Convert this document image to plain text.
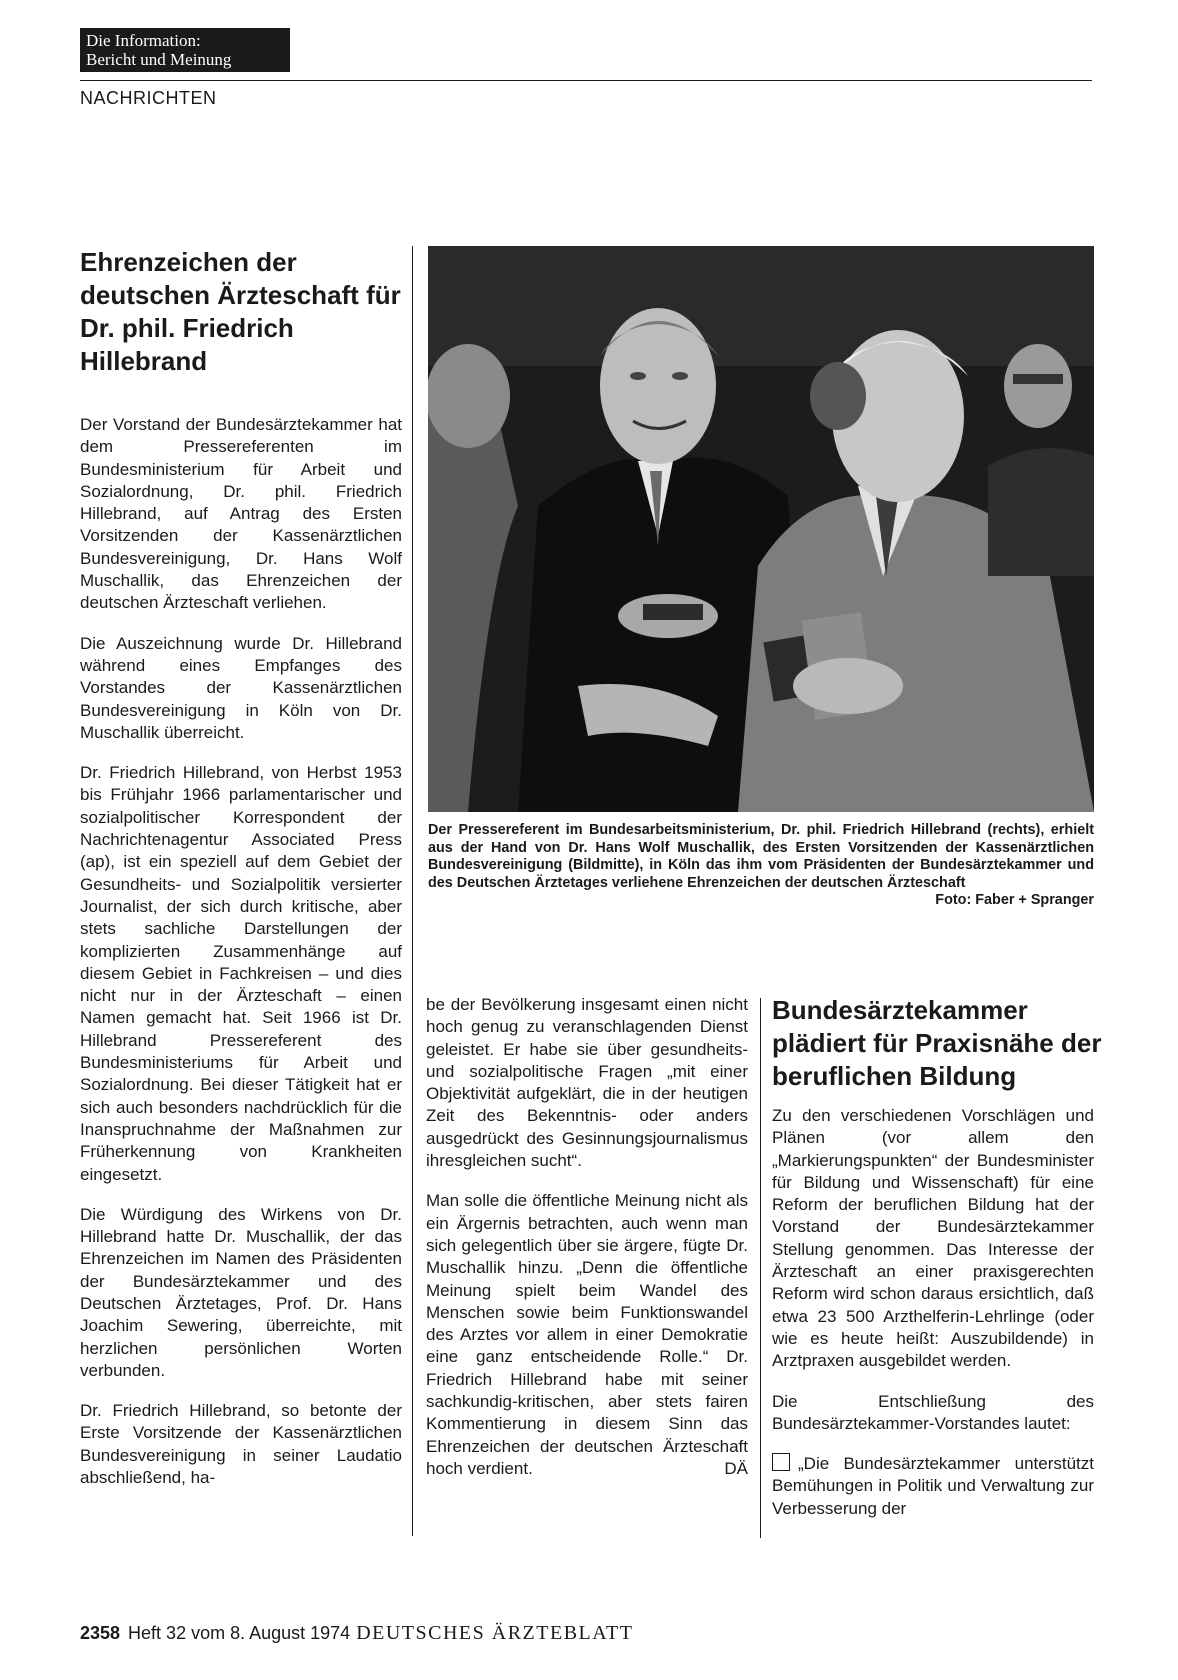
Die Information:
Bericht und Meinung
NACHRICHTEN
Ehrenzeichen der deutschen Ärzteschaft für Dr. phil. Friedrich Hillebrand

Der Vorstand der Bundesärztekammer hat dem Pressereferenten im Bundesministerium für Arbeit und Sozialordnung, Dr. phil. Friedrich Hillebrand, auf Antrag des Ersten Vorsitzenden der Kassenärztlichen Bundesvereinigung, Dr. Hans Wolf Muschallik, das Ehrenzeichen der deutschen Ärzteschaft verliehen.

Die Auszeichnung wurde Dr. Hillebrand während eines Empfanges des Vorstandes der Kassenärztlichen Bundesvereinigung in Köln von Dr. Muschallik überreicht.

Dr. Friedrich Hillebrand, von Herbst 1953 bis Frühjahr 1966 parlamentarischer und sozialpolitischer Korrespondent der Nachrichtenagentur Associated Press (ap), ist ein speziell auf dem Gebiet der Gesundheits- und Sozialpolitik versierter Journalist, der sich durch kritische, aber stets sachliche Darstellungen der komplizierten Zusammenhänge auf diesem Gebiet in Fachkreisen – und dies nicht nur in der Ärzteschaft – einen Namen gemacht hat. Seit 1966 ist Dr. Hillebrand Pressereferent des Bundesministeriums für Arbeit und Sozialordnung. Bei dieser Tätigkeit hat er sich auch besonders nachdrücklich für die Inanspruchnahme der Maßnahmen zur Früherkennung von Krankheiten eingesetzt.

Die Würdigung des Wirkens von Dr. Hillebrand hatte Dr. Muschallik, der das Ehrenzeichen im Namen des Präsidenten der Bundesärztekammer und des Deutschen Ärztetages, Prof. Dr. Hans Joachim Sewering, überreichte, mit herzlichen persönlichen Worten verbunden.

Dr. Friedrich Hillebrand, so betonte der Erste Vorsitzende der Kassenärztlichen Bundesvereinigung in seiner Laudatio abschließend, ha-

Der Pressereferent im Bundesarbeitsministerium, Dr. phil. Friedrich Hillebrand (rechts), erhielt aus der Hand von Dr. Hans Wolf Muschallik, des Ersten Vorsitzenden der Kassenärztlichen Bundesvereinigung (Bildmitte), in Köln das ihm vom Präsidenten der Bundesärztekammer und des Deutschen Ärztetages verliehene Ehrenzeichen der deutschen Ärzteschaft
Foto: Faber + Spranger

be der Bevölkerung insgesamt einen nicht hoch genug zu veranschlagenden Dienst geleistet. Er habe sie über gesundheits- und sozialpolitische Fragen „mit einer Objektivität aufgeklärt, die in der heutigen Zeit des Bekenntnis- oder anders ausgedrückt des Gesinnungsjournalismus ihresgleichen sucht“.

Man solle die öffentliche Meinung nicht als ein Ärgernis betrachten, auch wenn man sich gelegentlich über sie ärgere, fügte Dr. Muschallik hinzu. „Denn die öffentliche Meinung spielt beim Wandel des Menschen sowie beim Funktionswandel des Arztes vor allem in einer Demokratie eine ganz entscheidende Rolle.“ Dr. Friedrich Hillebrand habe mit seiner sachkundig-kritischen, aber stets fairen Kommentierung in diesem Sinn das Ehrenzeichen der deutschen Ärzteschaft hoch verdient.	DÄ

Bundesärztekammer plädiert für Praxisnähe der beruflichen Bildung

Zu den verschiedenen Vorschlägen und Plänen (vor allem den „Markierungspunkten“ der Bundesminister für Bildung und Wissenschaft) für eine Reform der beruflichen Bildung hat der Vorstand der Bundesärztekammer Stellung genommen. Das Interesse der Ärzteschaft an einer praxisgerechten Reform wird schon daraus ersichtlich, daß etwa 23 500 Arzthelferin-Lehrlinge (oder wie es heute heißt: Auszubildende) in Arztpraxen ausgebildet werden.

Die Entschließung des Bundesärztekammer-Vorstandes lautet:

„Die Bundesärztekammer unterstützt Bemühungen in Politik und Verwaltung zur Verbesserung der

2358 Heft 32 vom 8. August 1974 DEUTSCHES ÄRZTEBLATT
